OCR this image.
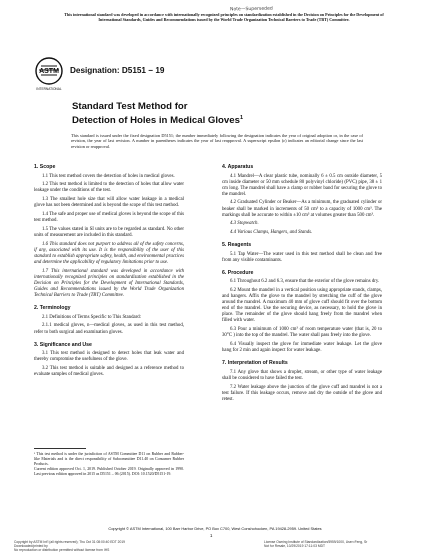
This international standard was developed in accordance with internationally recognized principles on standardization established in the Decision on Principles for the Development of International Standards, Guides and Recommendations issued by the World Trade Organization Technical Barriers to Trade (TBT) Committee.
Note—Superseded
ASTM
INTERNATIONAL
Designation: D5151 − 19
Standard Test Method for
Detection of Holes in Medical Gloves$^1$
This standard is issued under the fixed designation D5151; the number immediately following the designation indicates the year of original adoption or, in the case of revision, the year of last revision. A number in parentheses indicates the year of last reapproval. A superscript epsilon (ε) indicates an editorial change since the last revision or reapproval.
1. Scope

1.1 This test method covers the detection of holes in medical gloves.

1.2 This test method is limited to the detection of holes that allow water leakage under the conditions of the test.

1.3 The smallest hole size that will allow water leakage in a medical glove has not been determined and is beyond the scope of this test method.

1.4 The safe and proper use of medical gloves is beyond the scope of this test method.

1.5 The values stated in SI units are to be regarded as standard. No other units of measurement are included in this standard.

1.6 This standard does not purport to address all of the safety concerns, if any, associated with its use. It is the responsibility of the user of this standard to establish appropriate safety, health, and environmental practices and determine the applicability of regulatory limitations prior to use.

1.7 This international standard was developed in accordance with internationally recognized principles on standardization established in the Decision on Principles for the Development of International Standards, Guides and Recommendations issued by the World Trade Organization Technical Barriers to Trade (TBT) Committee.

2. Terminology

2.1 Definitions of Terms Specific to This Standard:

2.1.1 medical gloves, n—medical gloves, as used in this test method, refer to both surgical and examination gloves.

3. Significance and Use

3.1 This test method is designed to detect holes that leak water and thereby compromise the usefulness of the glove.

3.2 This test method is suitable and designed as a reference method to evaluate samples of medical gloves.

¹ This test method is under the jurisdiction of ASTM Committee D11 on Rubber and Rubber-like Materials and is the direct responsibility of Subcommittee D11.40 on Consumer Rubber Products.
Current edition approved Oct. 1, 2019. Published October 2019. Originally approved in 1990. Last previous edition approved in 2015 as D5151 – 06 (2015). DOI: 10.1520/D5151-19.
4. Apparatus

4.1 Mandrel—A clear plastic tube, nominally 6 ± 0.5 cm outside diameter, 5 cm inside diameter or 50 mm schedule 80 polyvinyl chloride) (PVC) pipe, 38 ± 1 cm long. The mandrel shall have a clamp or rubber band for securing the glove to the mandrel.

4.2 Graduated Cylinder or Beaker—As a minimum, the graduated cylinder or beaker shall be marked in increments of 50 cm³ to a capacity of 1000 cm³. The markings shall be accurate to within ±10 cm³ at volumes greater than 500 cm³.

4.3 Stopwatch.

4.4 Various Clamps, Hangers, and Stands.

5. Reagents

5.1 Tap Water—The water used in this test method shall be clean and free from any visible contaminants.

6. Procedure

6.1 Throughout 6.2 and 6.3, ensure that the exterior of the glove remains dry.

6.2 Mount the mandrel in a vertical position using appropriate stands, clamps, and hangers. Affix the glove to the mandrel by stretching the cuff of the glove around the mandrel. A maximum 40 mm of glove cuff should fit over the bottom end of the mandrel. Use the securing device, as necessary, to hold the glove in place. The remainder of the glove should hang freely from the mandrel when filled with water.

6.3 Pour a minimum of 1000 cm³ of room temperature water (that is, 20 to 30°C ) into the top of the mandrel. The water shall pass freely into the glove.

6.4 Visually inspect the glove for immediate water leakage. Let the glove hang for 2 min and again inspect for water leakage.

7. Interpretation of Results

7.1 Any glove that shows a droplet, stream, or other type of water leakage shall be considered to have failed the test.

7.2 Water leakage above the junction of the glove cuff and mandrel is not a test failure. If this leakage occurs, remove and dry the outside of the glove and retest.

Copyright © ASTM International, 100 Barr Harbor Drive, PO Box C700, West Conshohocken, PA 19428-2959. United States
1
Copyright by ASTM Int'l (all rights reserved); Thu Oct 31 08:00:40 EDT 2019
Downloaded/printed by
No reproduction or distribution permitted without license from IHS
License Owning Institute of Standardization/5959/1000, User=Feng, Sr
Not for Resale, 10/29/2019 17:11:03 MDT
